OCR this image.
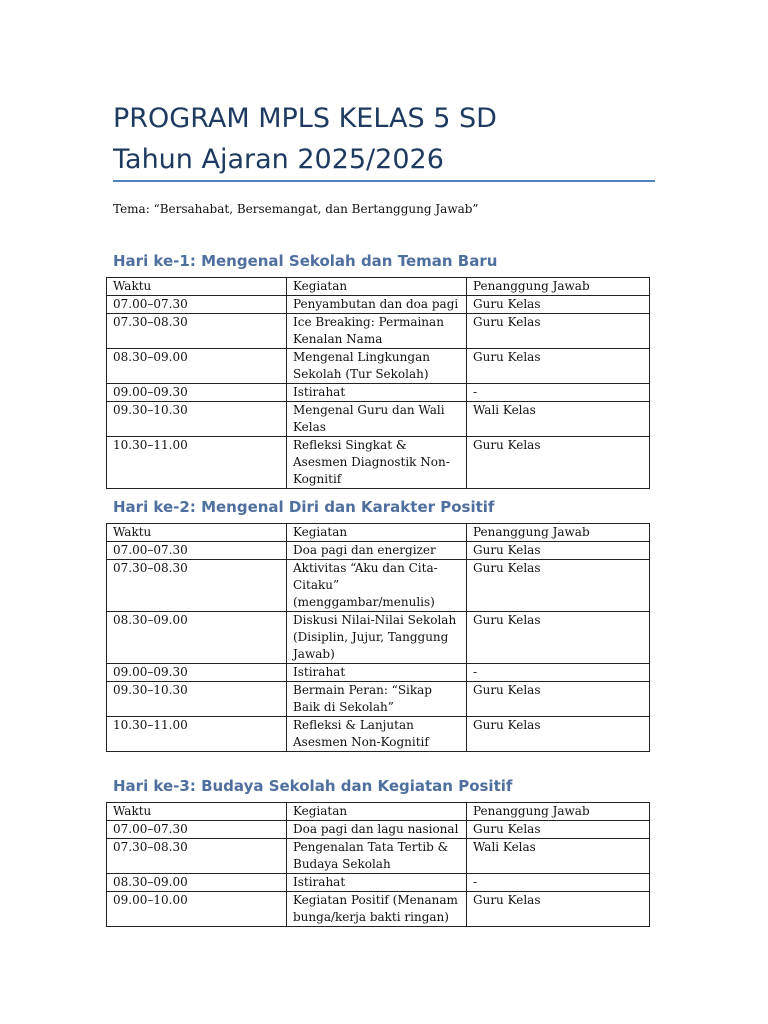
PROGRAM MPLS KELAS 5 SD
Tahun Ajaran 2025/2026
Tema: “Bersahabat, Bersemangat, dan Bertanggung Jawab”
Hari ke-1: Mengenal Sekolah dan Teman Baru
Waktu	Kegiatan	Penanggung Jawab
07.00–07.30	Penyambutan dan doa pagi	Guru Kelas
07.30–08.30	Ice Breaking: Permainan Kenalan Nama	Guru Kelas
08.30–09.00	Mengenal Lingkungan Sekolah (Tur Sekolah)	Guru Kelas
09.00–09.30	Istirahat	-
09.30–10.30	Mengenal Guru dan Wali Kelas	Wali Kelas
10.30–11.00	Refleksi Singkat & Asesmen Diagnostik Non-Kognitif	Guru Kelas
Hari ke-2: Mengenal Diri dan Karakter Positif
Waktu	Kegiatan	Penanggung Jawab
07.00–07.30	Doa pagi dan energizer	Guru Kelas
07.30–08.30	Aktivitas “Aku dan Cita-Citaku” (menggambar/menulis)	Guru Kelas
08.30–09.00	Diskusi Nilai-Nilai Sekolah (Disiplin, Jujur, Tanggung Jawab)	Guru Kelas
09.00–09.30	Istirahat	-
09.30–10.30	Bermain Peran: “Sikap Baik di Sekolah”	Guru Kelas
10.30–11.00	Refleksi & Lanjutan Asesmen Non-Kognitif	Guru Kelas
Hari ke-3: Budaya Sekolah dan Kegiatan Positif
Waktu	Kegiatan	Penanggung Jawab
07.00–07.30	Doa pagi dan lagu nasional	Guru Kelas
07.30–08.30	Pengenalan Tata Tertib & Budaya Sekolah	Wali Kelas
08.30–09.00	Istirahat	-
09.00–10.00	Kegiatan Positif (Menanam bunga/kerja bakti ringan)	Guru Kelas
